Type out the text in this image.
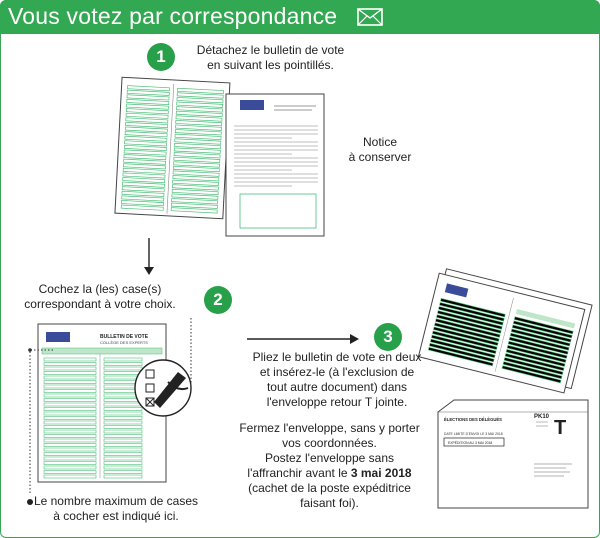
Vous votez par correspondance
1	Détachez le bulletin de vote
en suivant les pointillés.
Notice
à conserver
Cochez la (les) case(s)
correspondant à votre choix.	2
BULLETIN DE VOTE
COLLÈGE DES EXPERTS
Le nombre maximum de cases
à cocher est indiqué ici.
3
Pliez le bulletin de vote en deux
et insérez-le (à l'exclusion de
tout autre document) dans
l'enveloppe retour T jointe.
Fermez l'enveloppe, sans y porter
vos coordonnées.
Postez l'enveloppe sans
l'affranchir avant le 3 mai 2018
(cachet de la poste expéditrice
faisant foi).
ÉLECTIONS DES DÉLÉGUÉS
DATE LIMITE D'ENVOI LE 3 MAI 2018
EXPÉDITION AU 3 MAI 2018
PK10 T
